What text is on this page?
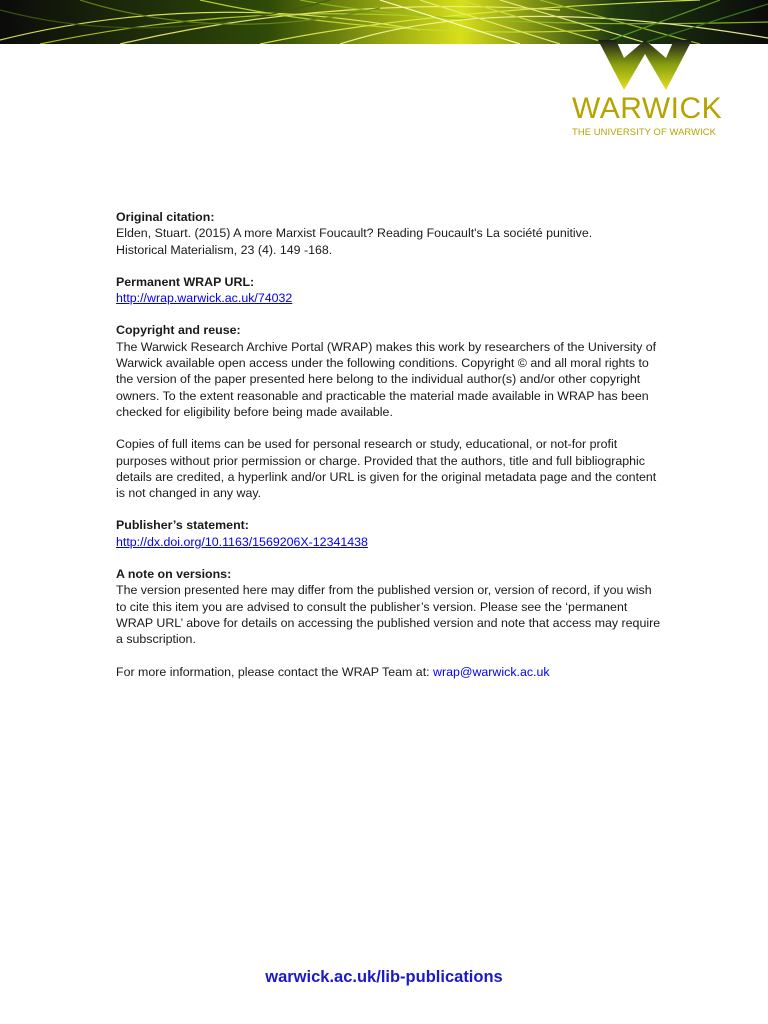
WARWICK
THE UNIVERSITY OF WARWICK

Original citation:

Elden, Stuart. (2015) A more Marxist Foucault? Reading Foucault's La société punitive.

Historical Materialism, 23 (4). 149 -168.

Permanent WRAP URL:

http://wrap.warwick.ac.uk/74032

Copyright and reuse:

The Warwick Research Archive Portal (WRAP) makes this work by researchers of the University of Warwick available open access under the following conditions. Copyright © and all moral rights to the version of the paper presented here belong to the individual author(s) and/or other copyright owners. To the extent reasonable and practicable the material made available in WRAP has been checked for eligibility before being made available.

Copies of full items can be used for personal research or study, educational, or not-for profit purposes without prior permission or charge. Provided that the authors, title and full bibliographic details are credited, a hyperlink and/or URL is given for the original metadata page and the content is not changed in any way.

Publisher’s statement:

http://dx.doi.org/10.1163/1569206X-12341438

A note on versions:

The version presented here may differ from the published version or, version of record, if you wish to cite this item you are advised to consult the publisher’s version. Please see the ‘permanent WRAP URL’ above for details on accessing the published version and note that access may require a subscription.

For more information, please contact the WRAP Team at: wrap@warwick.ac.uk

warwick.ac.uk/lib-publications
